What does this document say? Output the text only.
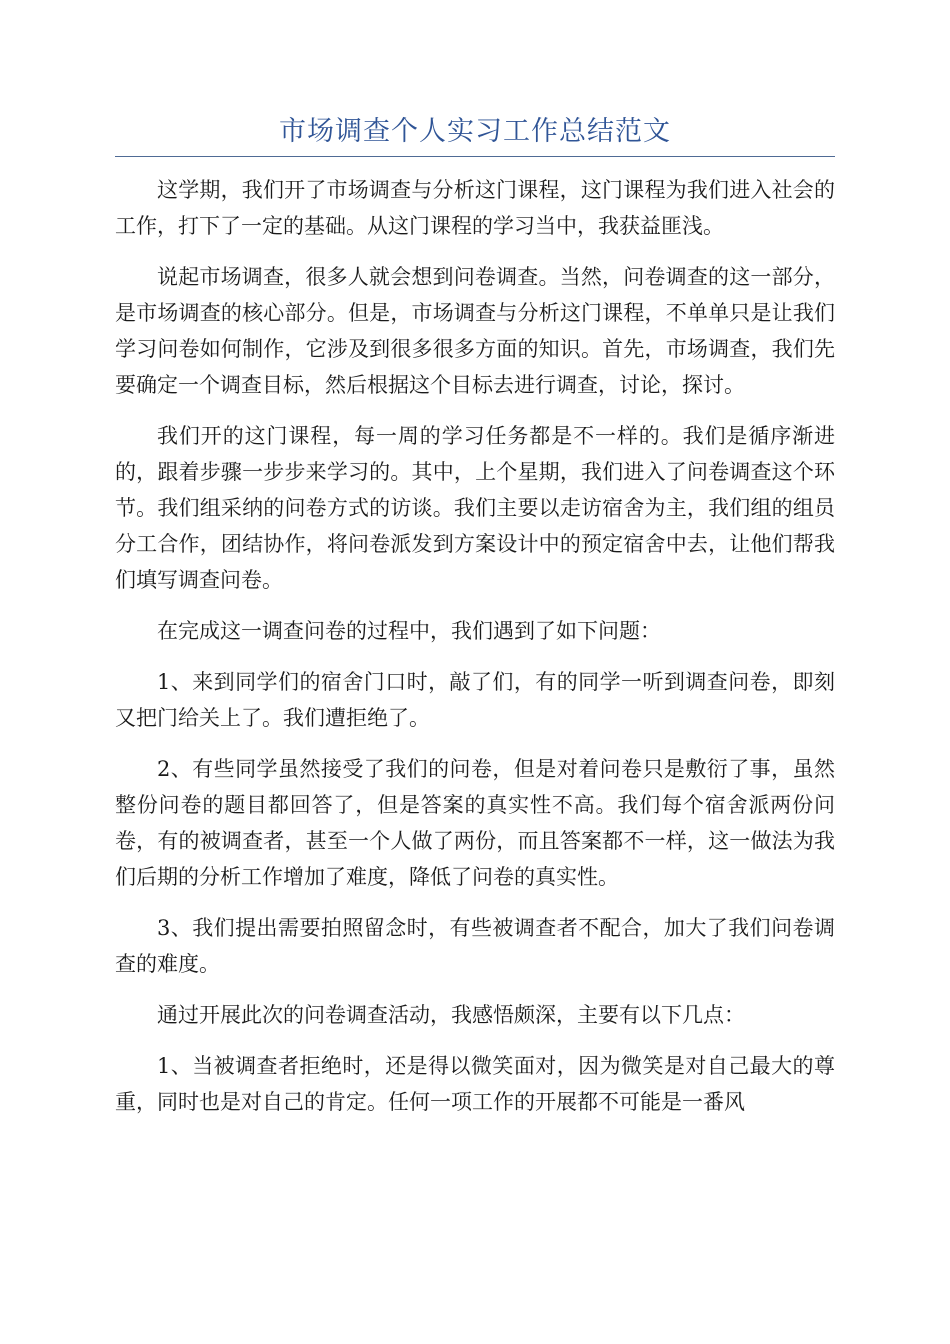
市场调查个人实习工作总结范文

这学期，我们开了市场调查与分析这门课程，这门课程为我们进入社会的工作，打下了一定的基础。从这门课程的学习当中，我获益匪浅。

说起市场调查，很多人就会想到问卷调查。当然，问卷调查的这一部分，是市场调查的核心部分。但是，市场调查与分析这门课程，不单单只是让我们学习问卷如何制作，它涉及到很多很多方面的知识。首先，市场调查，我们先要确定一个调查目标，然后根据这个目标去进行调查，讨论，探讨。

我们开的这门课程，每一周的学习任务都是不一样的。我们是循序渐进的，跟着步骤一步步来学习的。其中，上个星期，我们进入了问卷调查这个环节。我们组采纳的问卷方式的访谈。我们主要以走访宿舍为主，我们组的组员分工合作，团结协作，将问卷派发到方案设计中的预定宿舍中去，让他们帮我们填写调查问卷。

在完成这一调查问卷的过程中，我们遇到了如下问题：

1、来到同学们的宿舍门口时，敲了们，有的同学一听到调查问卷，即刻又把门给关上了。我们遭拒绝了。

2、有些同学虽然接受了我们的问卷，但是对着问卷只是敷衍了事，虽然整份问卷的题目都回答了，但是答案的真实性不高。我们每个宿舍派两份问卷，有的被调查者，甚至一个人做了两份，而且答案都不一样，这一做法为我们后期的分析工作增加了难度，降低了问卷的真实性。

3、我们提出需要拍照留念时，有些被调查者不配合，加大了我们问卷调查的难度。

通过开展此次的问卷调查活动，我感悟颇深，主要有以下几点：

1、当被调查者拒绝时，还是得以微笑面对，因为微笑是对自己最大的尊重，同时也是对自己的肯定。任何一项工作的开展都不可能是一番风
